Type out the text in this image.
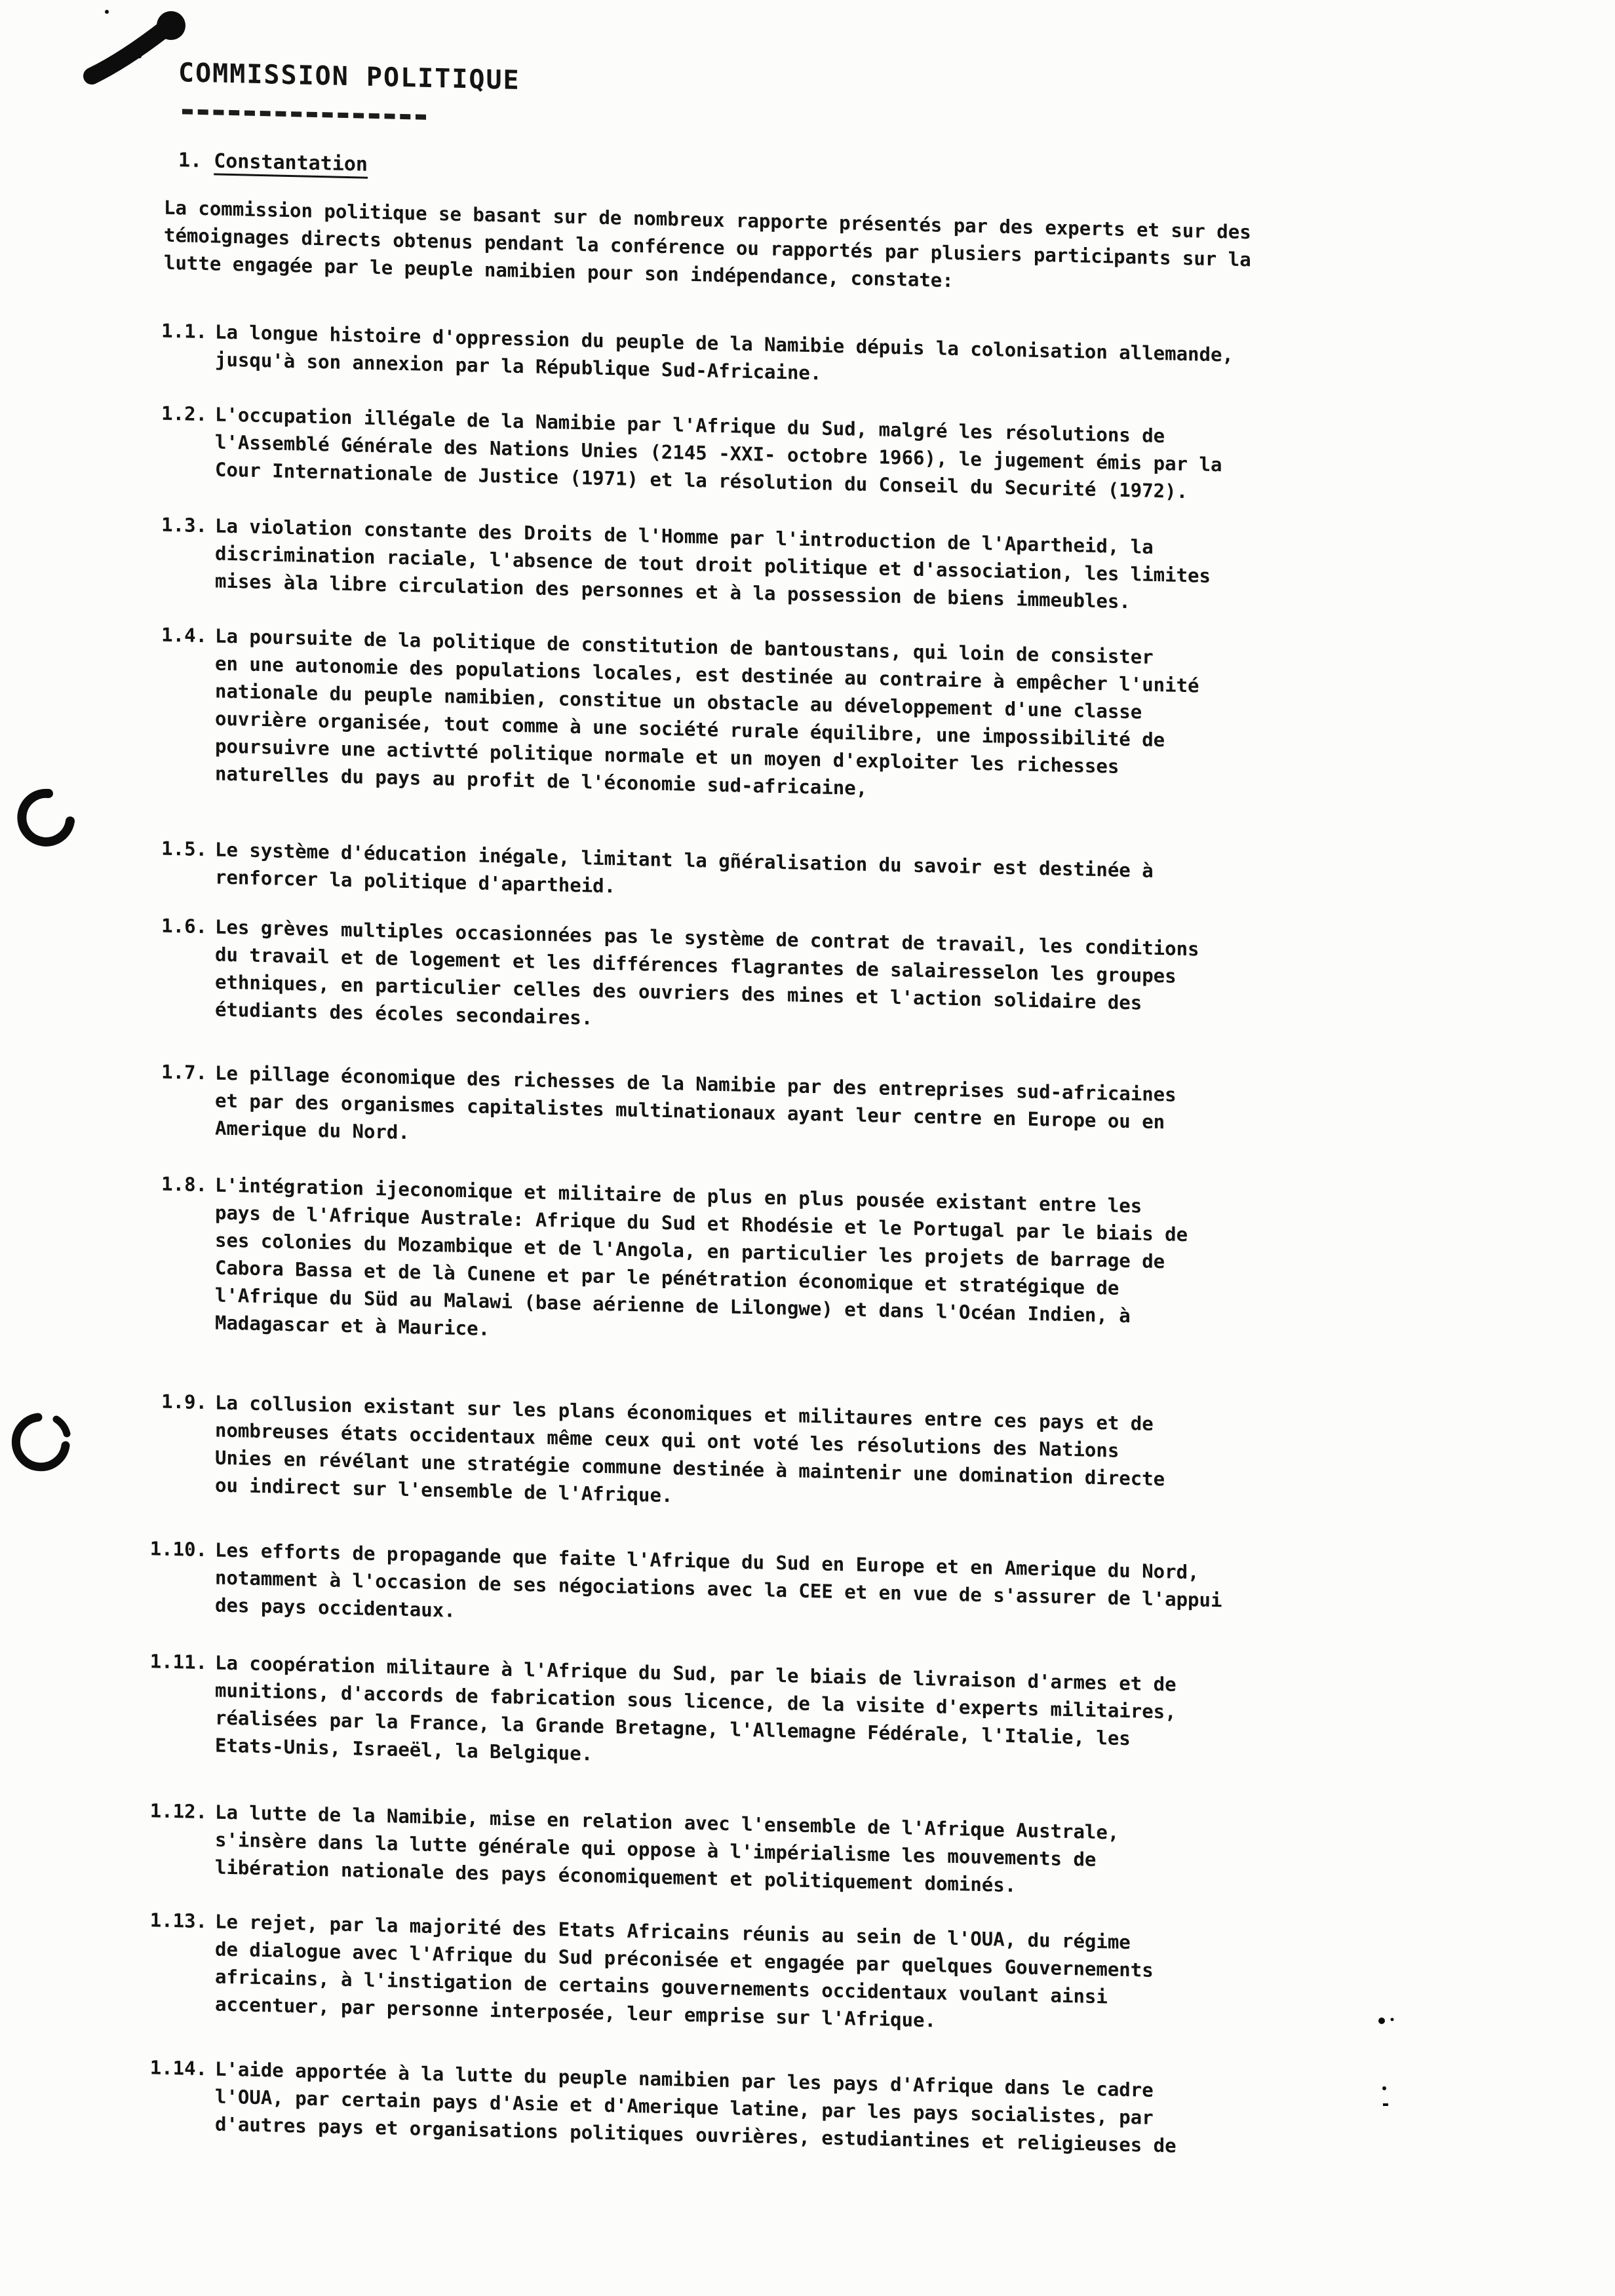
COMMISSION POLITIQUE
1. Constantation
La commission politique se basant sur de nombreux rapporte présentés par des experts et sur des
témoignages directs obtenus pendant la conférence ou rapportés par plusiers participants sur la
lutte engagée par le peuple namibien pour son indépendance, constate:
1.1. La longue histoire d'oppression du peuple de la Namibie dépuis la colonisation allemande,
jusqu'à son annexion par la République Sud-Africaine.
1.2. L'occupation illégale de la Namibie par l'Afrique du Sud, malgré les résolutions de
l'Assemblé Générale des Nations Unies (2145 -XXI- octobre 1966), le jugement émis par la
Cour Internationale de Justice (1971) et la résolution du Conseil du Securité (1972).
1.3. La violation constante des Droits de l'Homme par l'introduction de l'Apartheid, la
discrimination raciale, l'absence de tout droit politique et d'association, les limites
mises àla libre circulation des personnes et à la possession de biens immeubles.
1.4. La poursuite de la politique de constitution de bantoustans, qui loin de consister
en une autonomie des populations locales, est destinée au contraire à empêcher l'unité
nationale du peuple namibien, constitue un obstacle au développement d'une classe
ouvrière organisée, tout comme à une société rurale équilibre, une impossibilité de
poursuivre une activtté politique normale et un moyen d'exploiter les richesses
naturelles du pays au profit de l'économie sud-africaine,
1.5. Le système d'éducation inégale, limitant la gñéralisation du savoir est destinée à
renforcer la politique d'apartheid.
1.6. Les grèves multiples occasionnées pas le système de contrat de travail, les conditions
du travail et de logement et les différences flagrantes de salairesselon les groupes
ethniques, en particulier celles des ouvriers des mines et l'action solidaire des
étudiants des écoles secondaires.
1.7. Le pillage économique des richesses de la Namibie par des entreprises sud-africaines
et par des organismes capitalistes multinationaux ayant leur centre en Europe ou en
Amerique du Nord.
1.8. L'intégration ijeconomique et militaire de plus en plus pousée existant entre les
pays de l'Afrique Australe: Afrique du Sud et Rhodésie et le Portugal par le biais de
ses colonies du Mozambique et de l'Angola, en particulier les projets de barrage de
Cabora Bassa et de là Cunene et par le pénétration économique et stratégique de
l'Afrique du Süd au Malawi (base aérienne de Lilongwe) et dans l'Océan Indien, à
Madagascar et à Maurice.
1.9. La collusion existant sur les plans économiques et militaures entre ces pays et de
nombreuses états occidentaux même ceux qui ont voté les résolutions des Nations
Unies en révélant une stratégie commune destinée à maintenir une domination directe
ou indirect sur l'ensemble de l'Afrique.
1.10. Les efforts de propagande que faite l'Afrique du Sud en Europe et en Amerique du Nord,
notamment à l'occasion de ses négociations avec la CEE et en vue de s'assurer de l'appui
des pays occidentaux.
1.11. La coopération militaure à l'Afrique du Sud, par le biais de livraison d'armes et de
munitions, d'accords de fabrication sous licence, de la visite d'experts militaires,
réalisées par la France, la Grande Bretagne, l'Allemagne Fédérale, l'Italie, les
Etats-Unis, Israeël, la Belgique.
1.12. La lutte de la Namibie, mise en relation avec l'ensemble de l'Afrique Australe,
s'insère dans la lutte générale qui oppose à l'impérialisme les mouvements de
libération nationale des pays économiquement et politiquement dominés.
1.13. Le rejet, par la majorité des Etats Africains réunis au sein de l'OUA, du régime
de dialogue avec l'Afrique du Sud préconisée et engagée par quelques Gouvernements
africains, à l'instigation de certains gouvernements occidentaux voulant ainsi
accentuer, par personne interposée, leur emprise sur l'Afrique.
1.14. L'aide apportée à la lutte du peuple namibien par les pays d'Afrique dans le cadre
l'OUA, par certain pays d'Asie et d'Amerique latine, par les pays socialistes, par
d'autres pays et organisations politiques ouvrières, estudiantines et religieuses de
